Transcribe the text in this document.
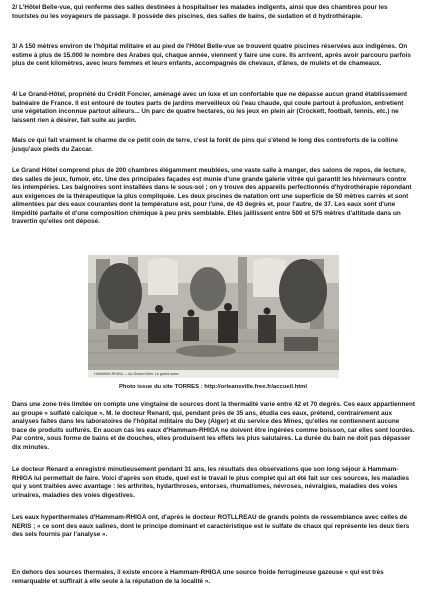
2/ L'Hôtel Belle-vue, qui renferme des salles destinées à hospitaliser les malades indigents, ainsi que des chambres pour les touristes ou les voyageurs de passage. Il possède des piscines, des salles de bains, de sudation et d hydrothérapie.

3/ A 150 mètres environ de l'hôpital militaire et au pied de l'Hôtel Belle-vue se trouvent quatre piscines réservées aux indigènes. On estime à plus de 15.000 le nombre des Arabes qui, chaque année, viennent y faire une cure. Ils arrivent, après avoir parcouru parfois plus de cent kilomètres, avec leurs femmes et leurs enfants, accompagnés de chevaux, d'ânes, de mulets et de chameaux.

4/ Le Grand-Hôtel, propriété du Crédit Foncier, aménagé avec un luxe et un confortable que ne dépasse aucun grand établissement balnéaire de France. Il est entouré de toutes parts de jardins merveilleux où l'eau chaude, qui coule partout à profusion, entretient une végétation inconnue partout ailleurs... Un parc de quatre hectares, où les jeux en plein air (Crockett, football, tennis, etc.) ne laissent rien à désirer, fait suite au jardin.

Mais ce qui fait vraiment le charme de ce petit coin de terre, c'est la forêt de pins qui s'étend le long des contreforts de la colline jusqu'aux pieds du Zaccar.

Le Grand Hôtel comprend plus de 200 chambres élégamment meublées, une vaste salle à manger, des salons de repos, de lecture, des salles de jeux, fumoir, etc. Une des principales façades est munie d'une grande galerie vitrée qui garantit les hiverneurs contre les intempéries. Les baignoires sont installées dans le sous-sol ; on y trouve des appareils perfectionnés d'hydrothérapie répondant aux exigences de la thérapeutique la plus compliquée. Les deux piscines de natation ont une superficie de 50 mètres carrés et sont alimentées par des eaux courantes dont la température est, pour l'une, de 43 degrés et, pour l'autre, de 37. Les eaux sont d'une limpidité parfaite et d'une composition chimique à peu près semblable. Elles jaillissent entre 500 et 575 mètres d'altitude dans un travertin qu'elles ont déposé.

HAMMAM-RHIGA — Au Grand Hôtel. Le grand salon
Photo issue du site TORRES : http://orleansville.free.fr/accueil.html

Dans une zone très limitée on compte une vingtaine de sources dont la thermalité varie entre 42 et 70 degrés. Ces eaux appartiennent au groupe « sulfaté calcique ». M. le docteur Renard, qui, pendant près de 35 ans, étudia ces eaux, prétend, contrairement aux analyses faites dans les laboratoires de l'hôpital militaire du Dey (Alger) et du service des Mines, qu'elles ne contiennent aucune trace de produits sulfurés. En aucun cas les eaux d'Hammam-RHIGA ne doivent être ingérées comme boisson, car elles sont lourdes. Par contre, sous forme de bains et de douches, elles produisent les effets les plus salutaires. La durée du bain ne doit pas dépasser dix minutes.

Le docteur Renard a enregistré minutieusement pendant 31 ans, les résultats des observations que son long séjour à Hammam-RHIGA lui permettait de faire. Voici d'après son étude, quel est le travail le plus complet qui ait été fait sur ces sources, les maladies qui y sont traitées avec avantage : les arthrites, hydarthroses, entorses, rhumatismes, névroses, névralgies, maladies des voies urinaires, maladies des voies digestives.

Les eaux hyperthermales d'Hammam-RHIGA ont, d'après le docteur ROTLLREAU de grands points de ressemblance avec celles de NERIS ; « ce sont des eaux salines, dont le principe dominant et caractéristique est le sulfate de chaux qui représente les deux tiers des sels fournis par l'analyse ».

En dehors des sources thermales, il existe encore à Hammam-RHIGA une source froide ferrugineuse gazeuse « qui est très remarquable et suffirait à elle seule à la réputation de la localité ».
